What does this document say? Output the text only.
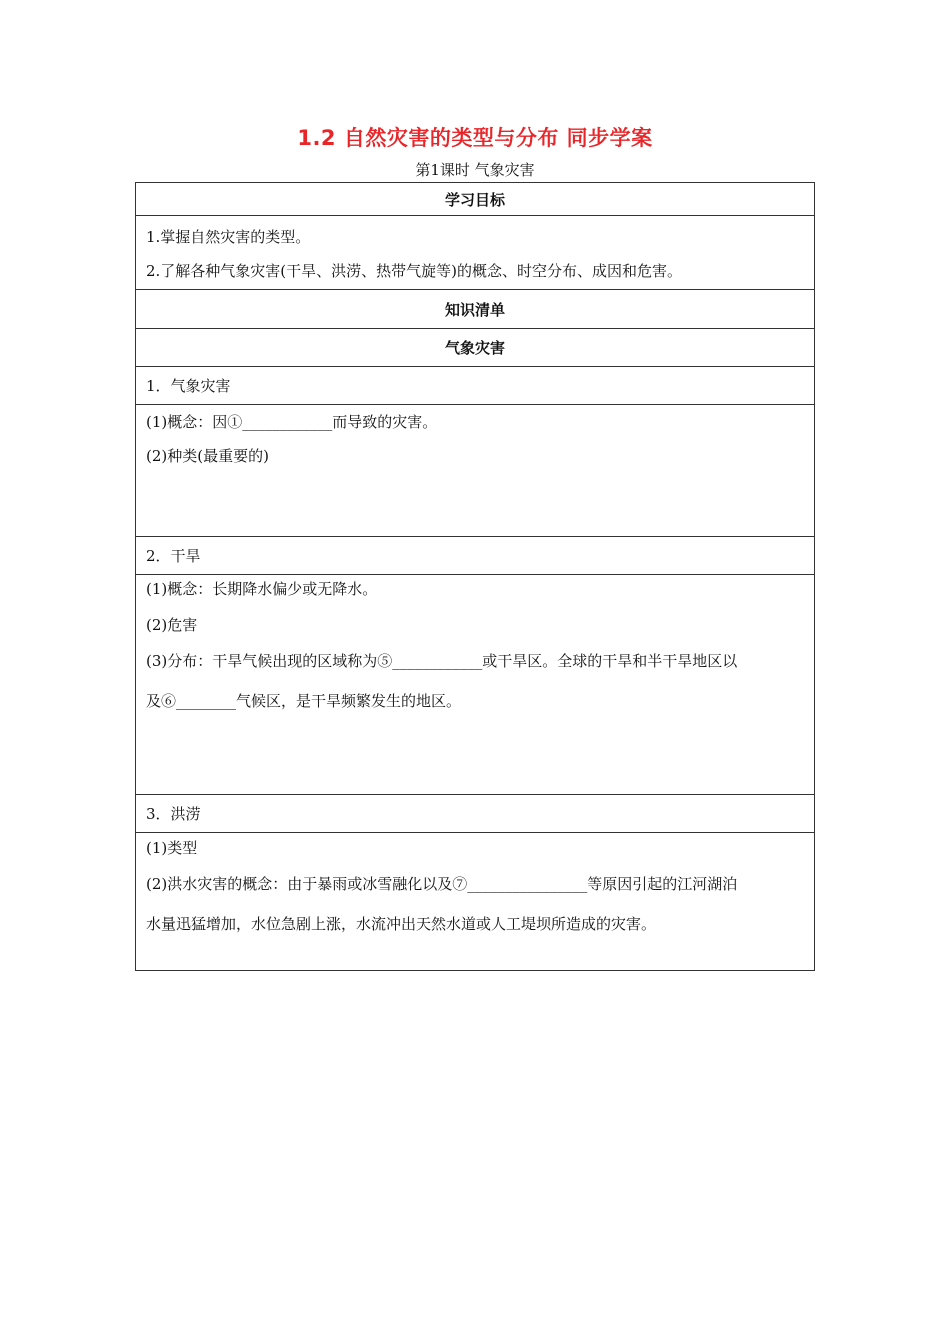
1.2 自然灾害的类型与分布 同步学案
第1课时 气象灾害
学习目标
1.掌握自然灾害的类型。
2.了解各种气象灾害(干旱、洪涝、热带气旋等)的概念、时空分布、成因和危害。
知识清单
气象灾害
1．气象灾害
(1)概念：因①____________而导致的灾害。
(2)种类(最重要的)
2．干旱
(1)概念：长期降水偏少或无降水。
(2)危害
(3)分布：干旱气候出现的区域称为⑤____________或干旱区。全球的干旱和半干旱地区以
及⑥________气候区，是干旱频繁发生的地区。
3．洪涝
(1)类型
(2)洪水灾害的概念：由于暴雨或冰雪融化以及⑦________________等原因引起的江河湖泊
水量迅猛增加，水位急剧上涨，水流冲出天然水道或人工堤坝所造成的灾害。
